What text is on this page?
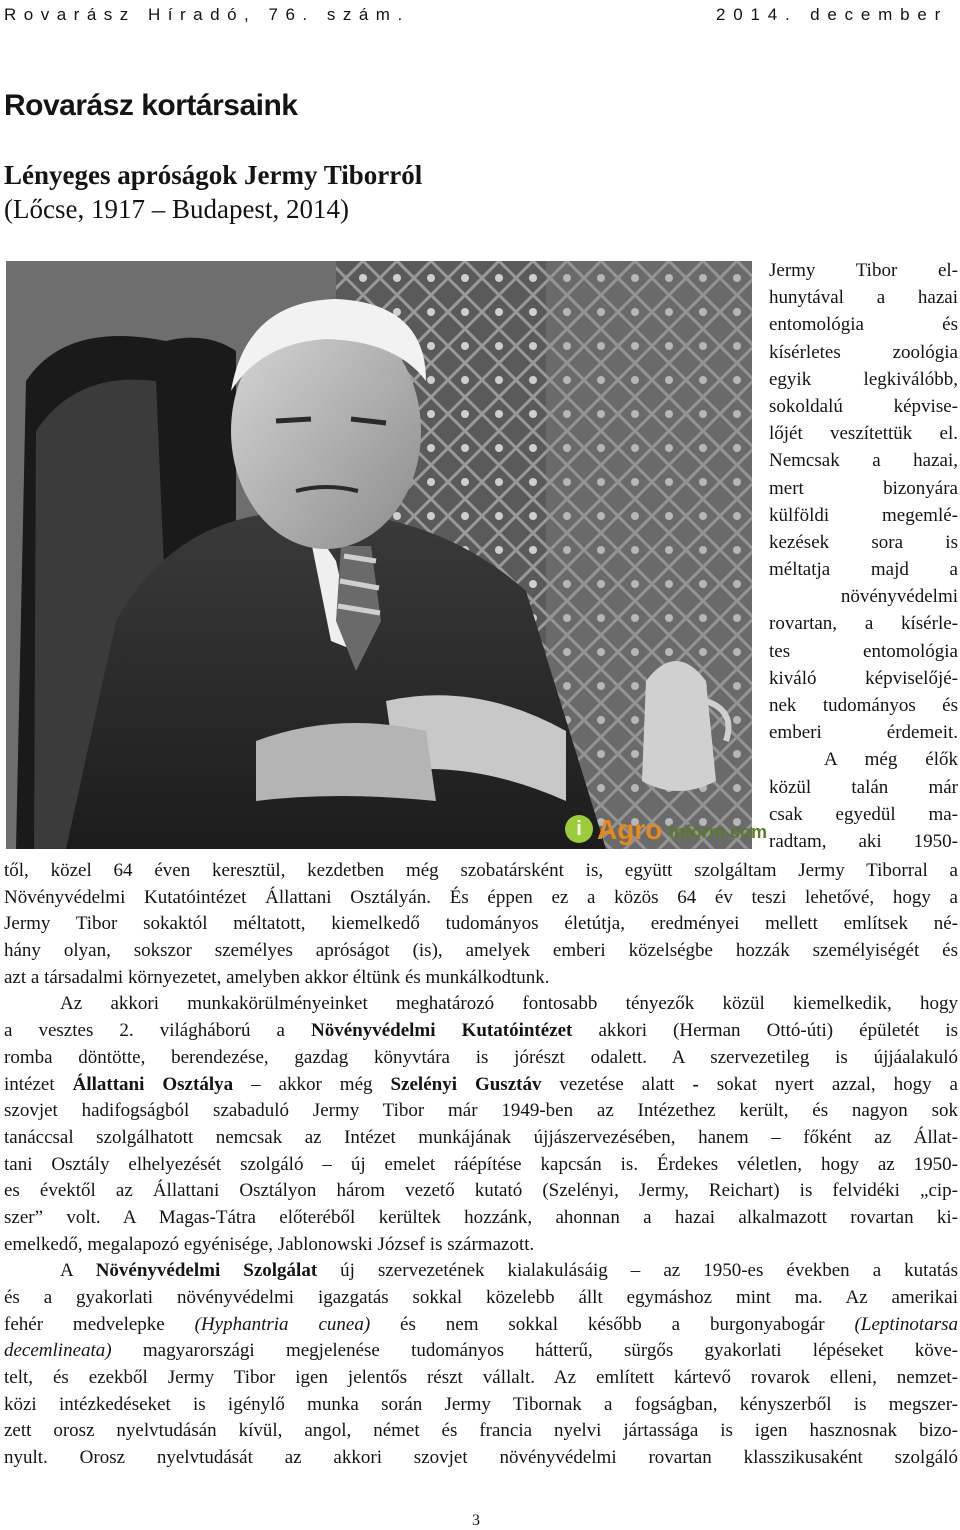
Rovarász Híradó, 76. szám.	2014. december
Rovarász kortársaink
Lényeges apróságok Jermy Tiborról
(Lőcse, 1917 – Budapest, 2014)
i Agro inform.com
Jermy Tibor el-
hunytával a hazai
entomológia és
kísérletes zoológia
egyik legkiválóbb,
sokoldalú képvise-
lőjét veszítettük el.
Nemcsak a hazai,
mert bizonyára
külföldi megemlé-
kezések sora is
méltatja majd a
növényvédelmi
rovartan, a kísérle-
tes entomológia
kiváló képviselőjé-
nek tudományos és
emberi érdemeit.
A még élők
közül talán már
csak egyedül ma-
radtam, aki 1950-
től, közel 64 éven keresztül, kezdetben még szobatársként is, együtt szolgáltam Jermy Tiborral a
Növényvédelmi Kutatóintézet Állattani Osztályán. És éppen ez a közös 64 év teszi lehetővé, hogy a
Jermy Tibor sokaktól méltatott, kiemelkedő tudományos életútja, eredményei mellett említsek né-
hány olyan, sokszor személyes apróságot (is), amelyek emberi közelségbe hozzák személyiségét és
azt a társadalmi környezetet, amelyben akkor éltünk és munkálkodtunk.
Az akkori munkakörülményeinket meghatározó fontosabb tényezők közül kiemelkedik, hogy
a vesztes 2. világháború a Növényvédelmi Kutatóintézet akkori (Herman Ottó-úti) épületét is
romba döntötte, berendezése, gazdag könyvtára is jórészt odalett. A szervezetileg is újjáalakuló
intézet Állattani Osztálya – akkor még Szelényi Gusztáv vezetése alatt - sokat nyert azzal, hogy a
szovjet hadifogságból szabaduló Jermy Tibor már 1949-ben az Intézethez került, és nagyon sok
tanáccsal szolgálhatott nemcsak az Intézet munkájának újjászervezésében, hanem – főként az Állat-
tani Osztály elhelyezését szolgáló – új emelet ráépítése kapcsán is. Érdekes véletlen, hogy az 1950-
es évektől az Állattani Osztályon három vezető kutató (Szelényi, Jermy, Reichart) is felvidéki „cip-
szer” volt. A Magas-Tátra előteréből kerültek hozzánk, ahonnan a hazai alkalmazott rovartan ki-
emelkedő, megalapozó egyénisége, Jablonowski József is származott.
A Növényvédelmi Szolgálat új szervezetének kialakulásáig – az 1950-es években a kutatás
és a gyakorlati növényvédelmi igazgatás sokkal közelebb állt egymáshoz mint ma. Az amerikai
fehér medvelepke (Hyphantria cunea) és nem sokkal később a burgonyabogár (Leptinotarsa
decemlineata) magyarországi megjelenése tudományos hátterű, sürgős gyakorlati lépéseket köve-
telt, és ezekből Jermy Tibor igen jelentős részt vállalt. Az említett kártevő rovarok elleni, nemzet-
közi intézkedéseket is igénylő munka során Jermy Tibornak a fogságban, kényszerből is megszer-
zett orosz nyelvtudásán kívül, angol, német és francia nyelvi jártassága is igen hasznosnak bizo-
nyult. Orosz nyelvtudását az akkori szovjet növényvédelmi rovartan klasszikusaként szolgáló
3
